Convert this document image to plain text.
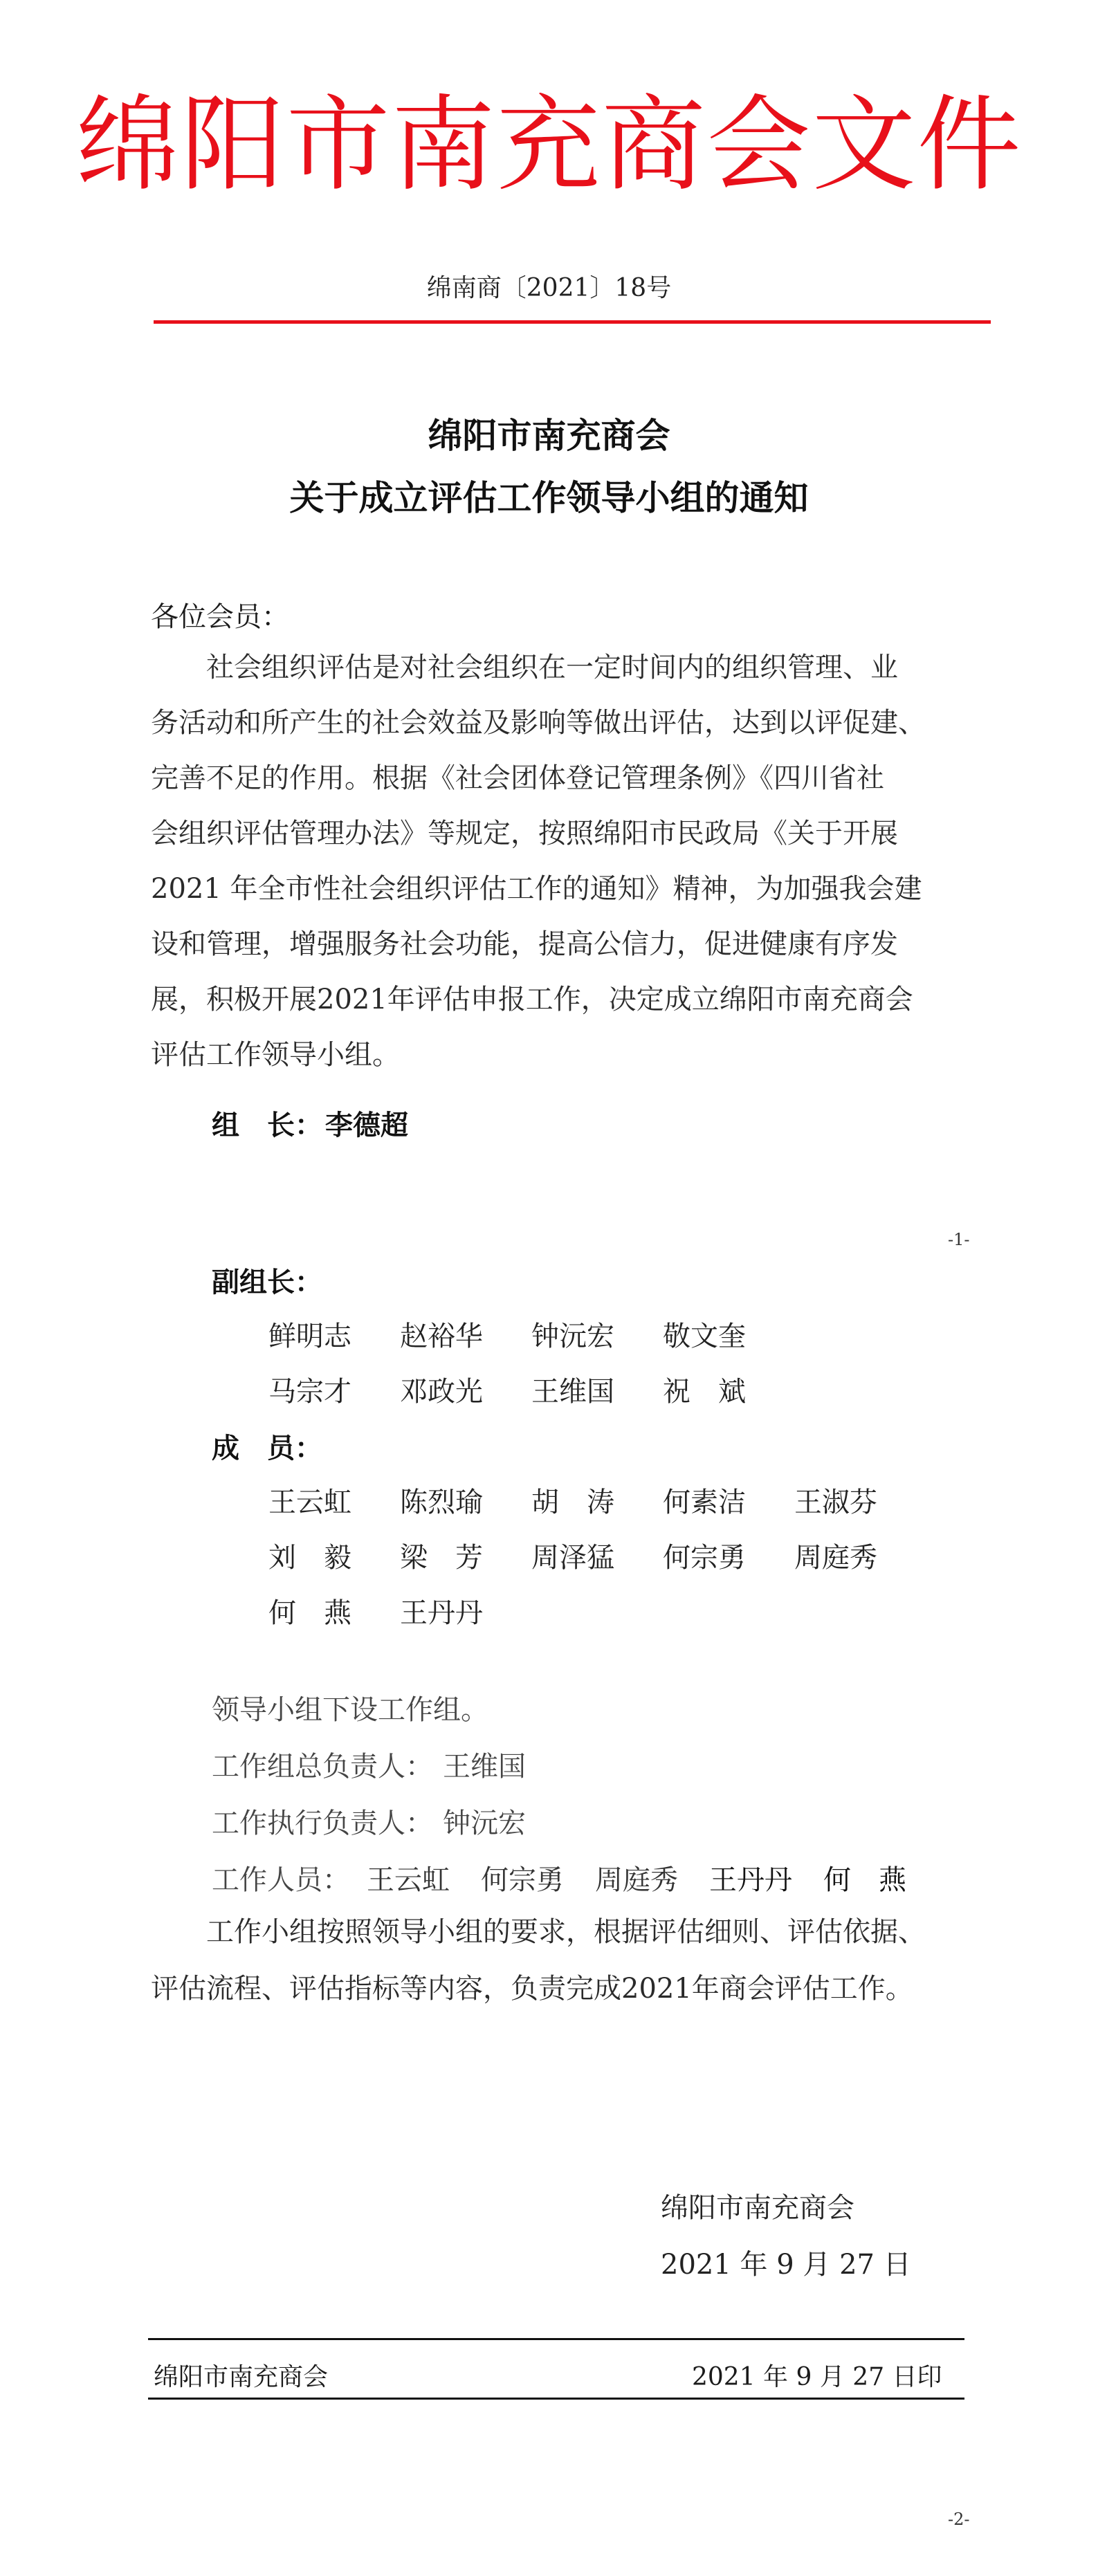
绵阳市南充商会文件
绵南商〔2021〕18号
绵阳市南充商会
关于成立评估工作领导小组的通知
各位会员：
　　社会组织评估是对社会组织在一定时间内的组织管理、业
务活动和所产生的社会效益及影响等做出评估，达到以评促建、
完善不足的作用。根据《社会团体登记管理条例》《四川省社
会组织评估管理办法》等规定，按照绵阳市民政局《关于开展
2021 年全市性社会组织评估工作的通知》精神，为加强我会建
设和管理，增强服务社会功能，提高公信力，促进健康有序发
展，积极开展2021年评估申报工作，决定成立绵阳市南充商会
评估工作领导小组。
组　长： 李德超
-1-
副组长：
鲜明志 赵裕华 钟沅宏 敬文奎
马宗才 邓政光 王维国 祝　斌
成　员：
王云虹 陈烈瑜 胡　涛 何素洁 王淑芬
刘　毅 梁　芳 周泽猛 何宗勇 周庭秀
何　燕 王丹丹
领导小组下设工作组。
工作组总负责人： 王维国
工作执行负责人： 钟沅宏
工作人员： 王云虹 何宗勇 周庭秀 王丹丹 何　燕
　　工作小组按照领导小组的要求，根据评估细则、评估依据、
评估流程、评估指标等内容，负责完成2021年商会评估工作。
绵阳市南充商会
2021 年 9 月 27 日
绵阳市南充商会	2021 年 9 月 27 日印
-2-
